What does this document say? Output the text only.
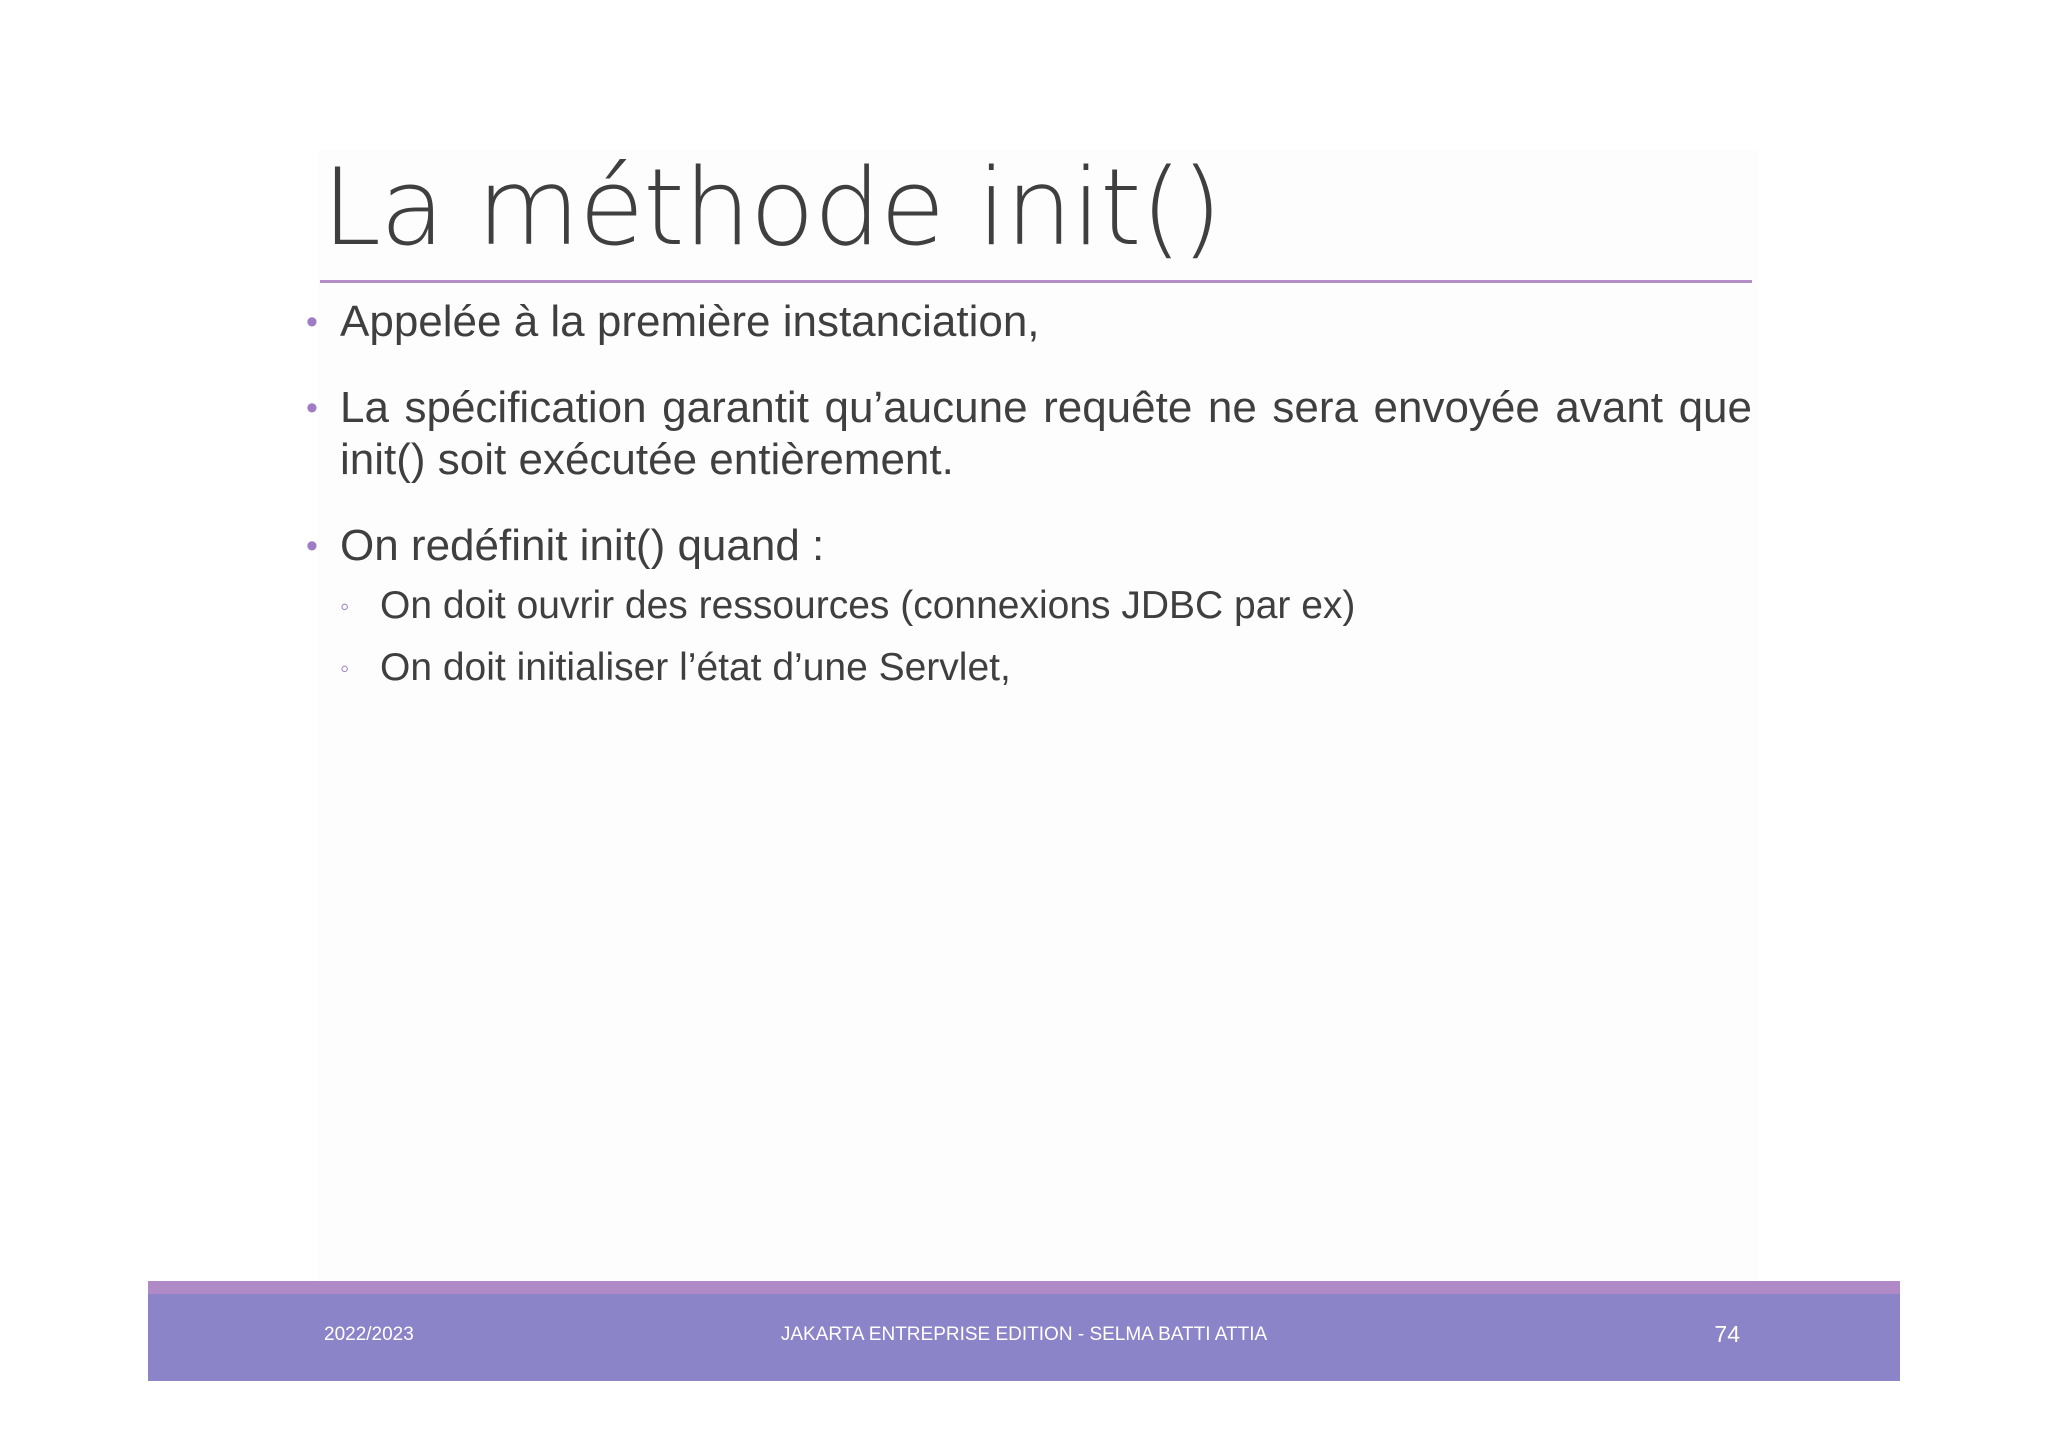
La méthode init()
• Appelée à la première instanciation,
• La spécification garantit qu’aucune requête ne sera envoyée avant que init() soit exécutée entièrement.
• On redéfinit init() quand :
◦ On doit ouvrir des ressources (connexions JDBC par ex)
◦ On doit initialiser l’état d’une Servlet,
2022/2023	JAKARTA ENTREPRISE EDITION - SELMA BATTI ATTIA	74
